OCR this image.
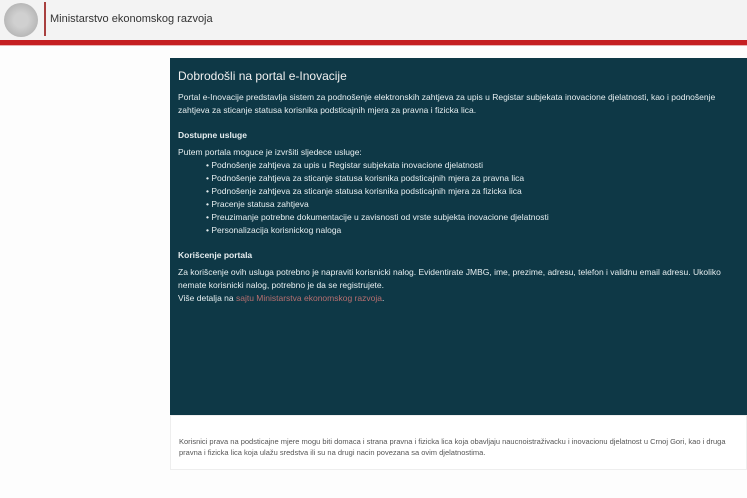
Ministarstvo ekonomskog razvoja
Dobrodošli na portal e-Inovacije

Portal e-Inovacije predstavlja sistem za podnošenje elektronskih zahtjeva za upis u Registar subjekata inovacione djelatnosti, kao i podnošenje zahtjeva za sticanje statusa korisnika podsticajnih mjera za pravna i fizicka lica.

Dostupne usluge

Putem portala moguce je izvršiti sljedece usluge:

• Podnošenje zahtjeva za upis u Registar subjekata inovacione djelatnosti
• Podnošenje zahtjeva za sticanje statusa korisnika podsticajnih mjera za pravna lica
• Podnošenje zahtjeva za sticanje statusa korisnika podsticajnih mjera za fizicka lica
• Pracenje statusa zahtjeva
• Preuzimanje potrebne dokumentacije u zavisnosti od vrste subjekta inovacione djelatnosti
• Personalizacija korisnickog naloga
Korišcenje portala

Za korišcenje ovih usluga potrebno je napraviti korisnicki nalog. Evidentirate JMBG, ime, prezime, adresu, telefon i validnu email adresu. Ukoliko nemate korisnicki nalog, potrebno je da se registrujete.

Više detalja na sajtu Ministarstva ekonomskog razvoja.

Korisnici prava na podsticajne mjere mogu biti domaca i strana pravna i fizicka lica koja obavljaju naucnoistraživacku i inovacionu djelatnost u Crnoj Gori, kao i druga pravna i fizicka lica koja ulažu sredstva ili su na drugi nacin povezana sa ovim djelatnostima.
